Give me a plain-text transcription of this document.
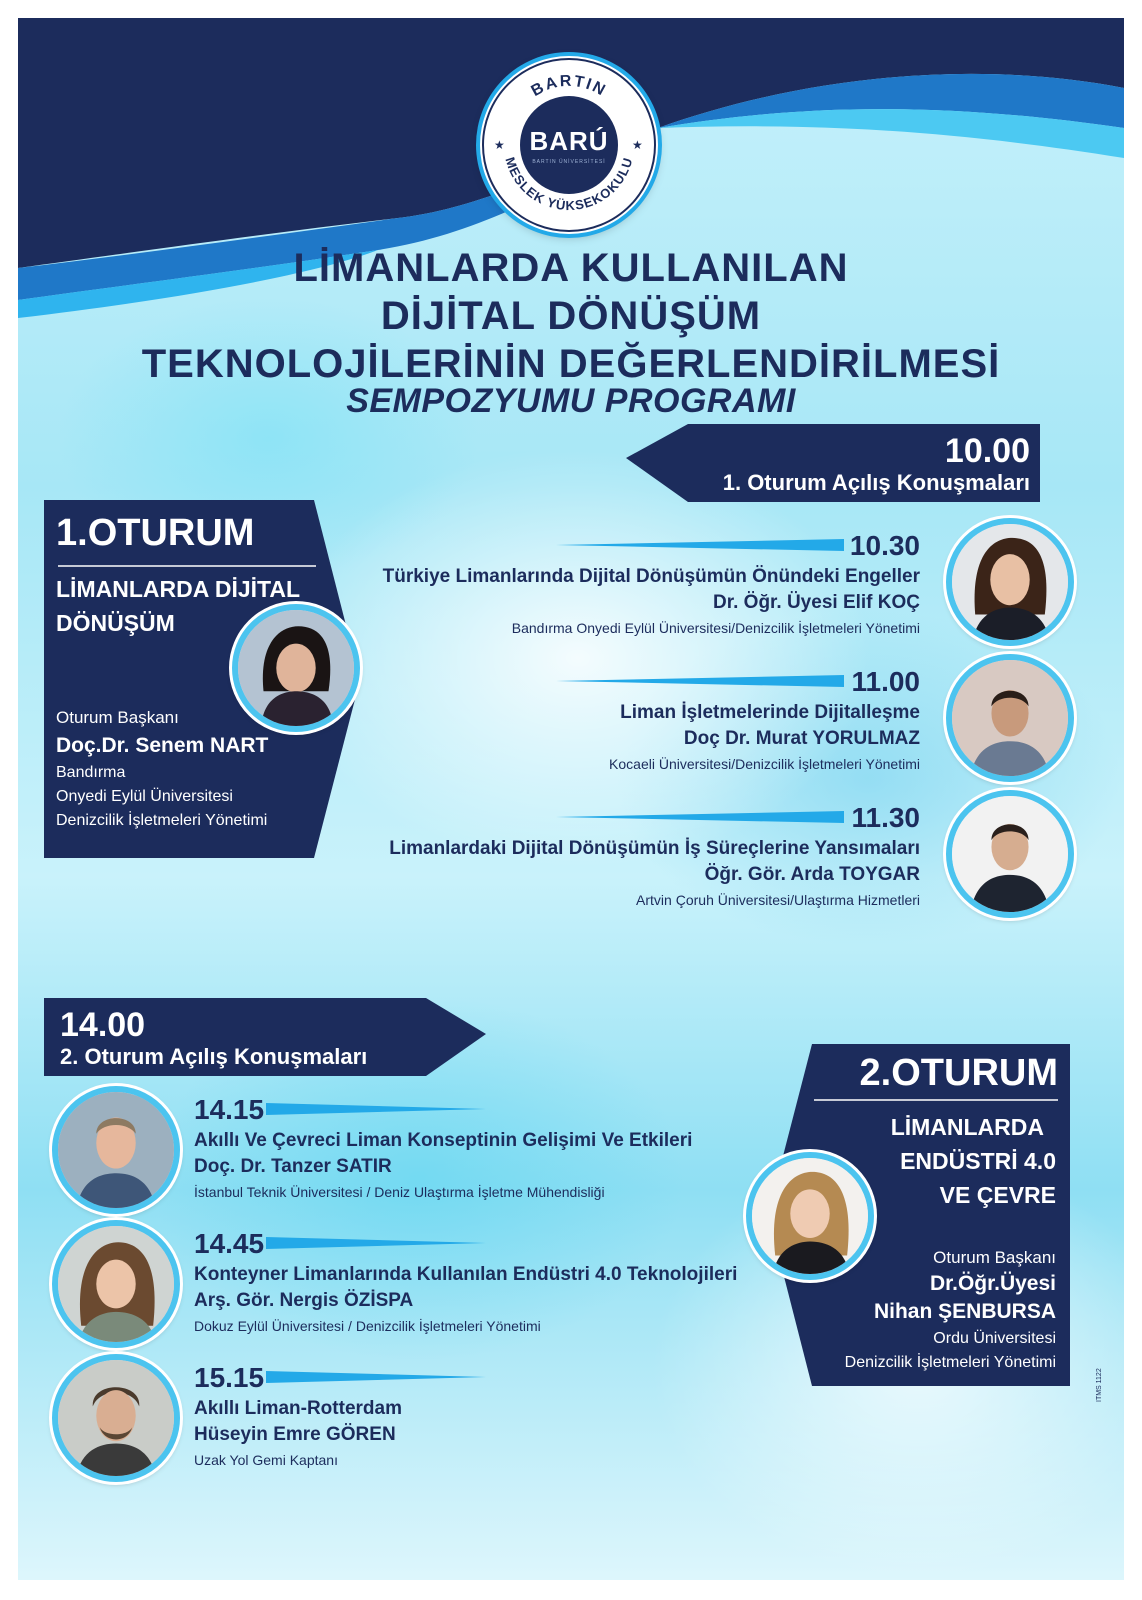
BARTIN
MESLEK YÜKSEKOKULU
★	★
BARÚ
BARTIN ÜNİVERSİTESİ
LİMANLARDA KULLANILAN
DİJİTAL DÖNÜŞÜM
TEKNOLOJİLERİNİN DEĞERLENDİRİLMESİ
SEMPOZYUMU PROGRAMI
10.00
1. Oturum Açılış Konuşmaları
1.OTURUM
LİMANLARDA DİJİTAL
DÖNÜŞÜM
Oturum Başkanı
Doç.Dr. Senem NART
Bandırma
Onyedi Eylül Üniversitesi
Denizcilik İşletmeleri Yönetimi
10.30
Türkiye Limanlarında Dijital Dönüşümün Önündeki Engeller
Dr. Öğr. Üyesi Elif KOÇ
Bandırma Onyedi Eylül Üniversitesi/Denizcilik İşletmeleri Yönetimi
11.00
Liman İşletmelerinde Dijitalleşme
Doç Dr. Murat YORULMAZ
Kocaeli Üniversitesi/Denizcilik İşletmeleri Yönetimi
11.30
Limanlardaki Dijital Dönüşümün İş Süreçlerine Yansımaları
Öğr. Gör. Arda TOYGAR
Artvin Çoruh Üniversitesi/Ulaştırma Hizmetleri
14.00
2. Oturum Açılış Konuşmaları	2.OTURUM
LİMANLARDA
ENDÜSTRİ 4.0
VE ÇEVRE
Oturum Başkanı
Dr.Öğr.Üyesi
Nihan ŞENBURSA
Ordu Üniversitesi
Denizcilik İşletmeleri Yönetimi
14.15
Akıllı Ve Çevreci Liman Konseptinin Gelişimi Ve Etkileri
Doç. Dr. Tanzer SATIR
İstanbul Teknik Üniversitesi / Deniz Ulaştırma İşletme Mühendisliği
14.45
Konteyner Limanlarında Kullanılan Endüstri 4.0 Teknolojileri
Arş. Gör. Nergis ÖZİSPA
Dokuz Eylül Üniversitesi / Denizcilik İşletmeleri Yönetimi
15.15
Akıllı Liman-Rotterdam
Hüseyin Emre GÖREN
Uzak Yol Gemi Kaptanı
ITMS 1122
